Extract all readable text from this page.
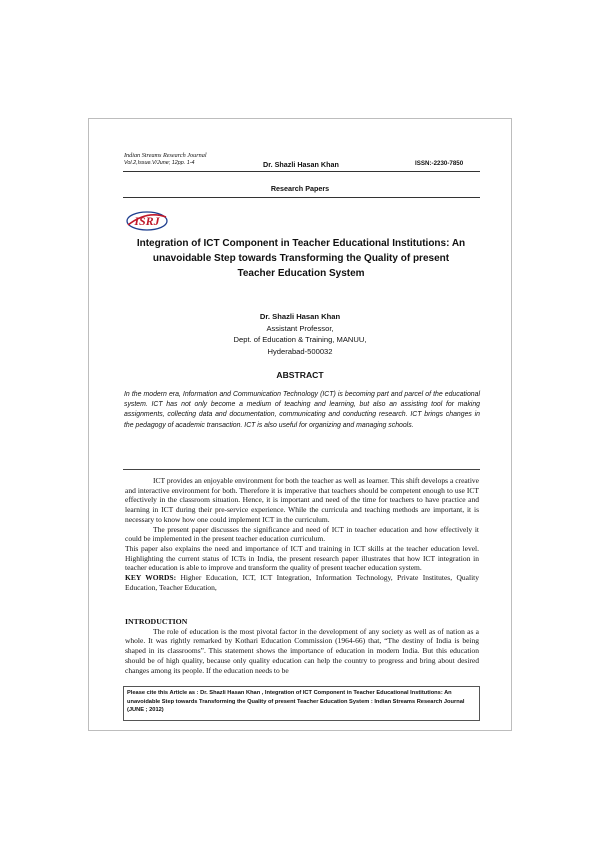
Indian Streams Research Journal
Vol.2,Issue.V/June; 12pp. 1-4	Dr. Shazli Hasan Khan	ISSN:-2230-7850
Research Papers
ISRJ
Integration of ICT Component in Teacher Educational Institutions: An
unavoidable Step towards Transforming the Quality of present
Teacher Education System
Dr. Shazli Hasan Khan
Assistant Professor,
Dept. of Education & Training, MANUU,
Hyderabad-500032
ABSTRACT
In the modern era, Information and Communication Technology (ICT) is becoming part and parcel of the educational system. ICT has not only become a medium of teaching and learning, but also an assisting tool for making assignments, collecting data and documentation, communicating and conducting research. ICT brings changes in the pedagogy of academic transaction. ICT is also useful for organizing and managing schools.

ICT provides an enjoyable environment for both the teacher as well as learner. This shift develops a creative and interactive environment for both. Therefore it is imperative that teachers should be competent enough to use ICT effectively in the classroom situation. Hence, it is important and need of the time for teachers to have practice and learning in ICT during their pre-service experience. While the curricula and teaching methods are important, it is necessary to know how one could implement ICT in the curriculum.

The present paper discusses the significance and need of ICT in teacher education and how effectively it could be implemented in the present teacher education curriculum.

This paper also explains the need and importance of ICT and training in ICT skills at the teacher education level. Highlighting the current status of ICTs in India, the present research paper illustrates that how ICT integration in teacher education is able to improve and transform the quality of present teacher education system.

KEY WORDS: Higher Education, ICT, ICT Integration, Information Technology, Private Institutes, Quality Education, Teacher Education,

INTRODUCTION

The role of education is the most pivotal factor in the development of any society as well as of nation as a whole. It was rightly remarked by Kothari Education Commission (1964-66) that, “The destiny of India is being shaped in its classrooms”. This statement shows the importance of education in modern India. But this education should be of high quality, because only quality education can help the country to progress and bring about desired changes among its people. If the education needs to be

Please cite this Article as : Dr. Shazli Hasan Khan , Integration of ICT Component in Teacher Educational Institutions: An unavoidable Step towards Transforming the Quality of present Teacher Education System : Indian Streams Research Journal (JUNE ; 2012)
